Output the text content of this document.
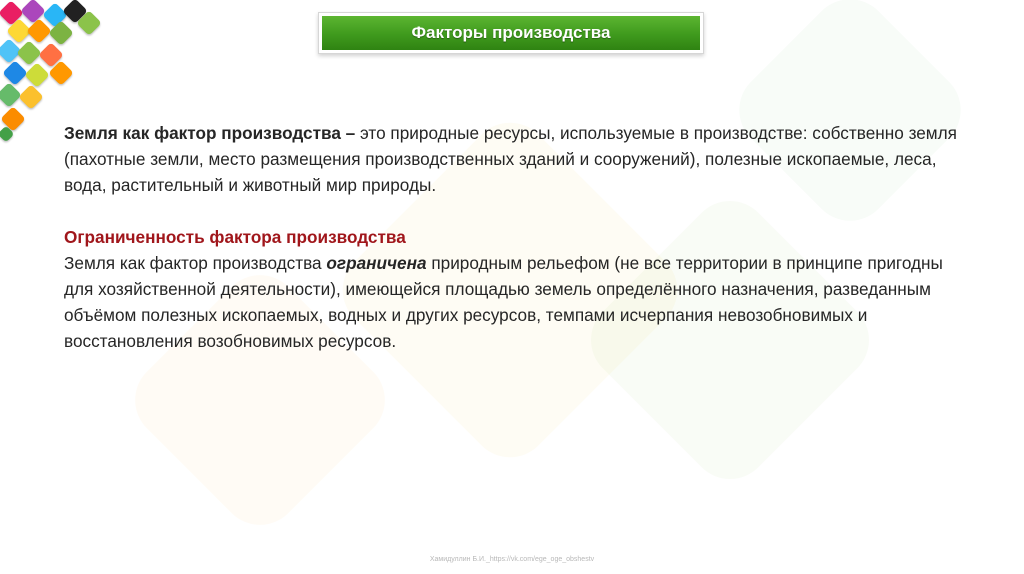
Факторы производства

Земля как фактор производства – это природные ресурсы, используемые в производстве: собственно земля (пахотные земли, место размещения производственных зданий и сооружений), полезные ископаемые, леса, вода, растительный и животный мир природы.

Ограниченность фактора производства
Земля как фактор производства ограничена природным рельефом (не все территории в принципе пригодны для хозяйственной деятельности), имеющейся площадью земель определённого назначения, разведанным объёмом полезных ископаемых, водных и других ресурсов, темпами исчерпания невозобновимых и восстановления возобновимых ресурсов.

Хамидуллин Б.И._https://vk.com/ege_oge_obshestv
